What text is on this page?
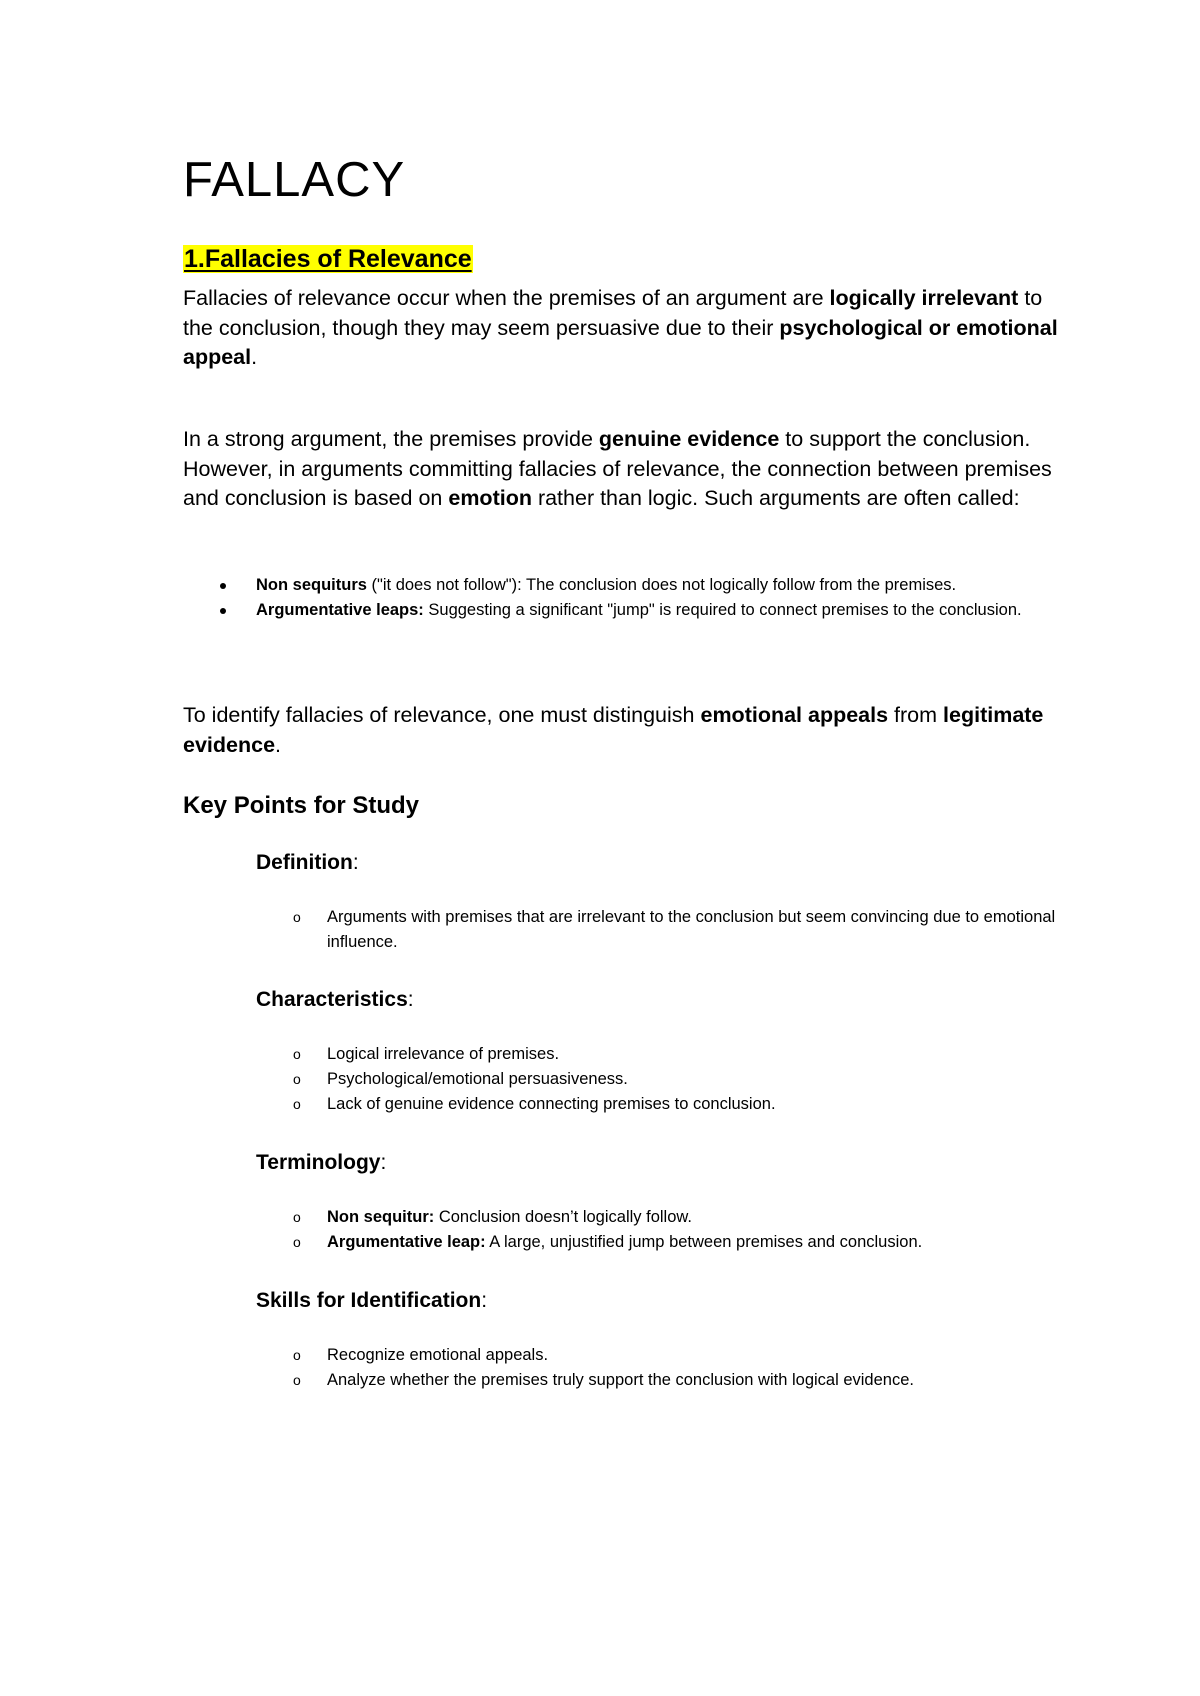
FALLACY
1.Fallacies of Relevance

Fallacies of relevance occur when the premises of an argument are logically irrelevant to the conclusion, though they may seem persuasive due to their psychological or emotional appeal.

In a strong argument, the premises provide genuine evidence to support the conclusion. However, in arguments committing fallacies of relevance, the connection between premises and conclusion is based on emotion rather than logic. Such arguments are often called:

Non sequiturs ("it does not follow"): The conclusion does not logically follow from the premises.
Argumentative leaps: Suggesting a significant "jump" is required to connect premises to the conclusion.

To identify fallacies of relevance, one must distinguish emotional appeals from legitimate evidence.

Key Points for Study
Definition:
o Arguments with premises that are irrelevant to the conclusion but seem convincing due to emotional influence.
Characteristics:
o Logical irrelevance of premises.
o Psychological/emotional persuasiveness.
o Lack of genuine evidence connecting premises to conclusion.
Terminology:
o Non sequitur: Conclusion doesn’t logically follow.
o Argumentative leap: A large, unjustified jump between premises and conclusion.
Skills for Identification:
o Recognize emotional appeals.
o Analyze whether the premises truly support the conclusion with logical evidence.
